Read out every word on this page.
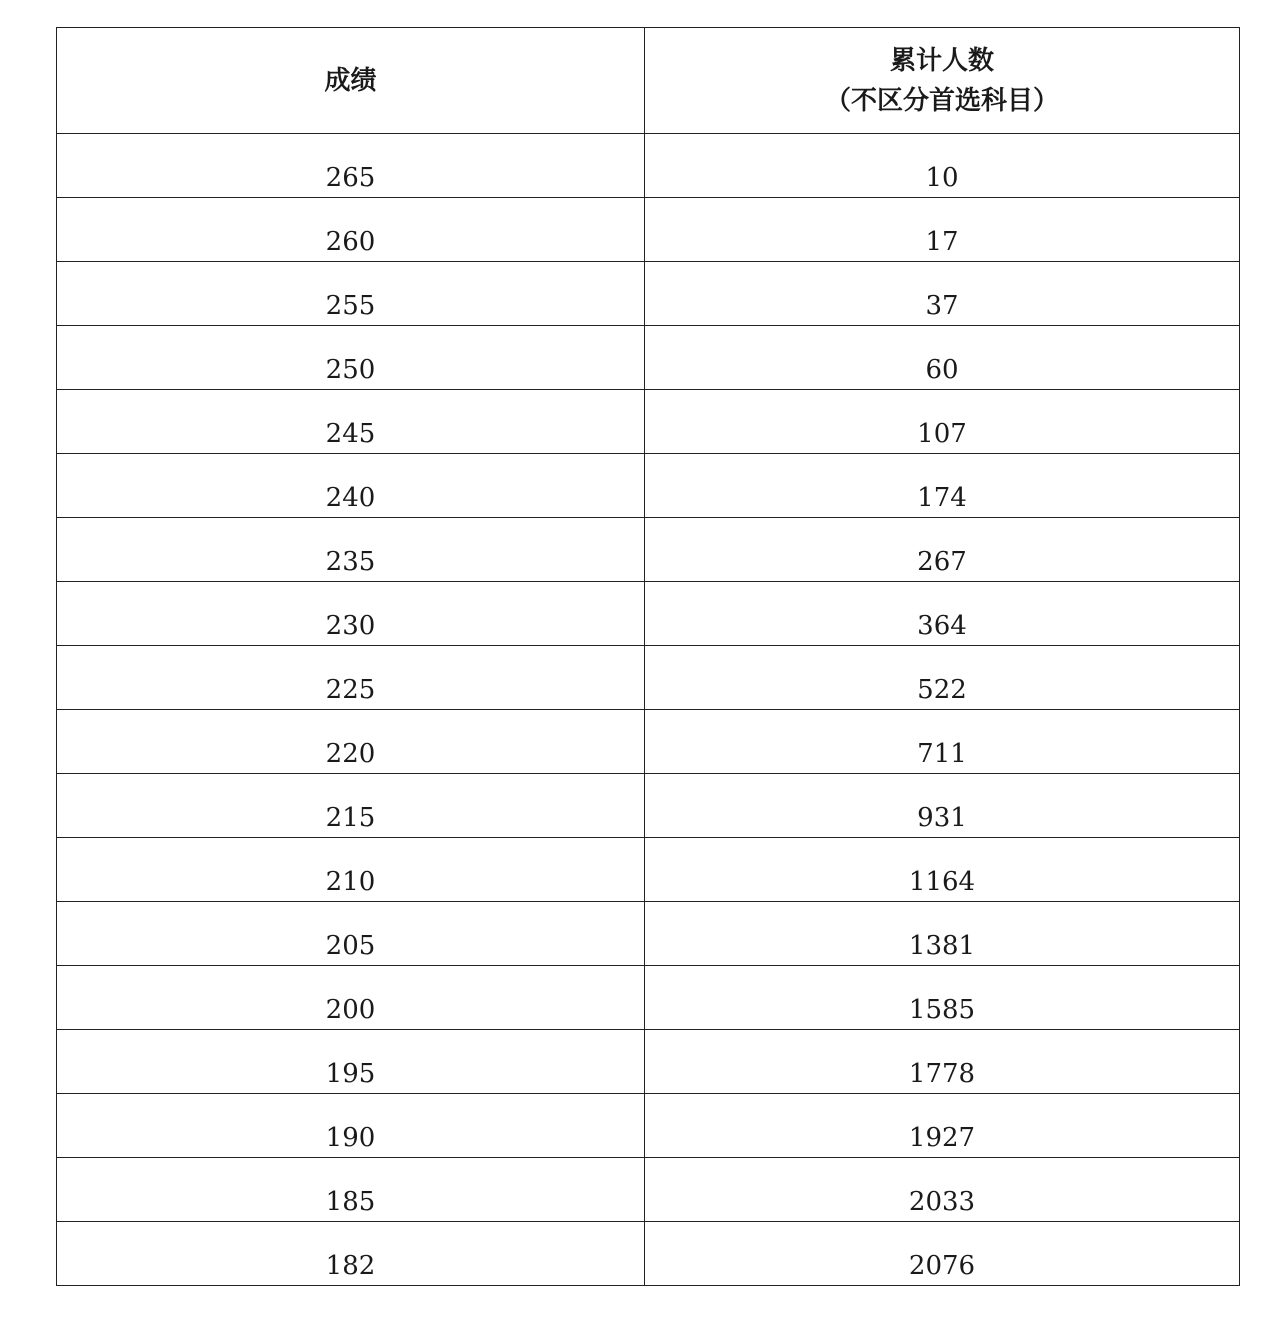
成绩	累计人数
（不区分首选科目）

265	10
260	17
255	37
250	60
245	107
240	174
235	267
230	364
225	522
220	711
215	931
210	1164
205	1381
200	1585
195	1778
190	1927
185	2033
182	2076
